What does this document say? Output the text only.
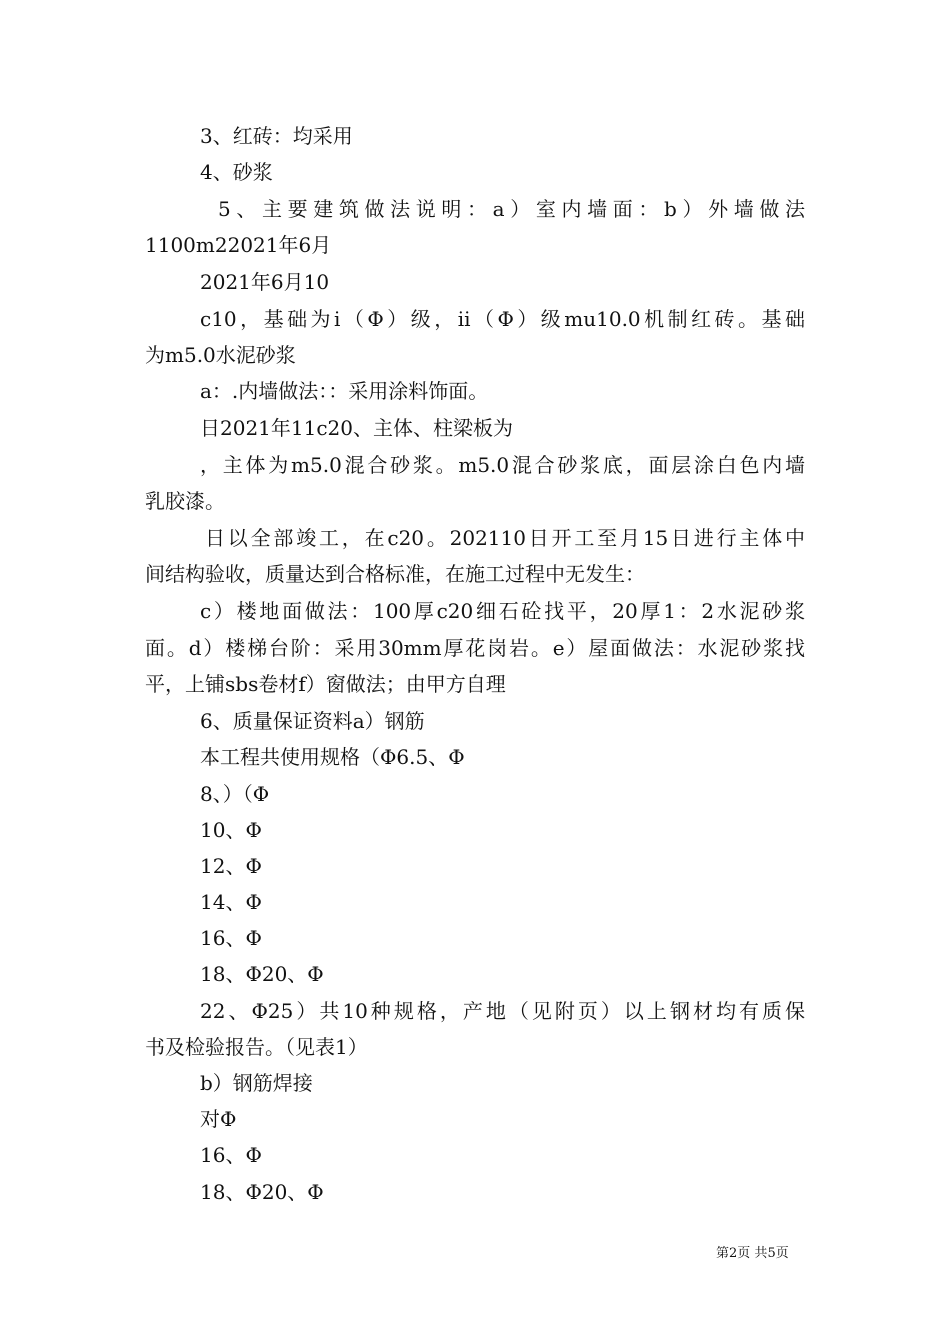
3、红砖：均采用
4、砂浆
5、主要建筑做法说明：a）室内墙面：b）外墙做法
1100m22021年6月
2021年6月10
c10，基础为i（Φ）级，ii（Φ）级mu10.0机制红砖。基础
为m5.0水泥砂浆
a：.内墙做法：：采用涂料饰面。
日2021年11c20、主体、柱梁板为
，主体为m5.0混合砂浆。m5.0混合砂浆底，面层涂白色内墙
乳胶漆。
日以全部竣工，在c20。202110日开工至月15日进行主体中
间结构验收，质量达到合格标准，在施工过程中无发生：
c）楼地面做法：100厚c20细石砼找平，20厚1：2水泥砂浆
面。d）楼梯台阶：采用30mm厚花岗岩。e）屋面做法：水泥砂浆找
平，上铺sbs卷材f）窗做法；由甲方自理
6、质量保证资料a）钢筋
本工程共使用规格（Φ6.5、Φ
8、）（Φ
10、Φ
12、Φ
14、Φ
16、Φ
18、Φ20、Φ
22、Φ25）共10种规格，产地（见附页）以上钢材均有质保
书及检验报告。（见表1）
b）钢筋焊接
对Φ
16、Φ
18、Φ20、Φ
第2页 共5页
